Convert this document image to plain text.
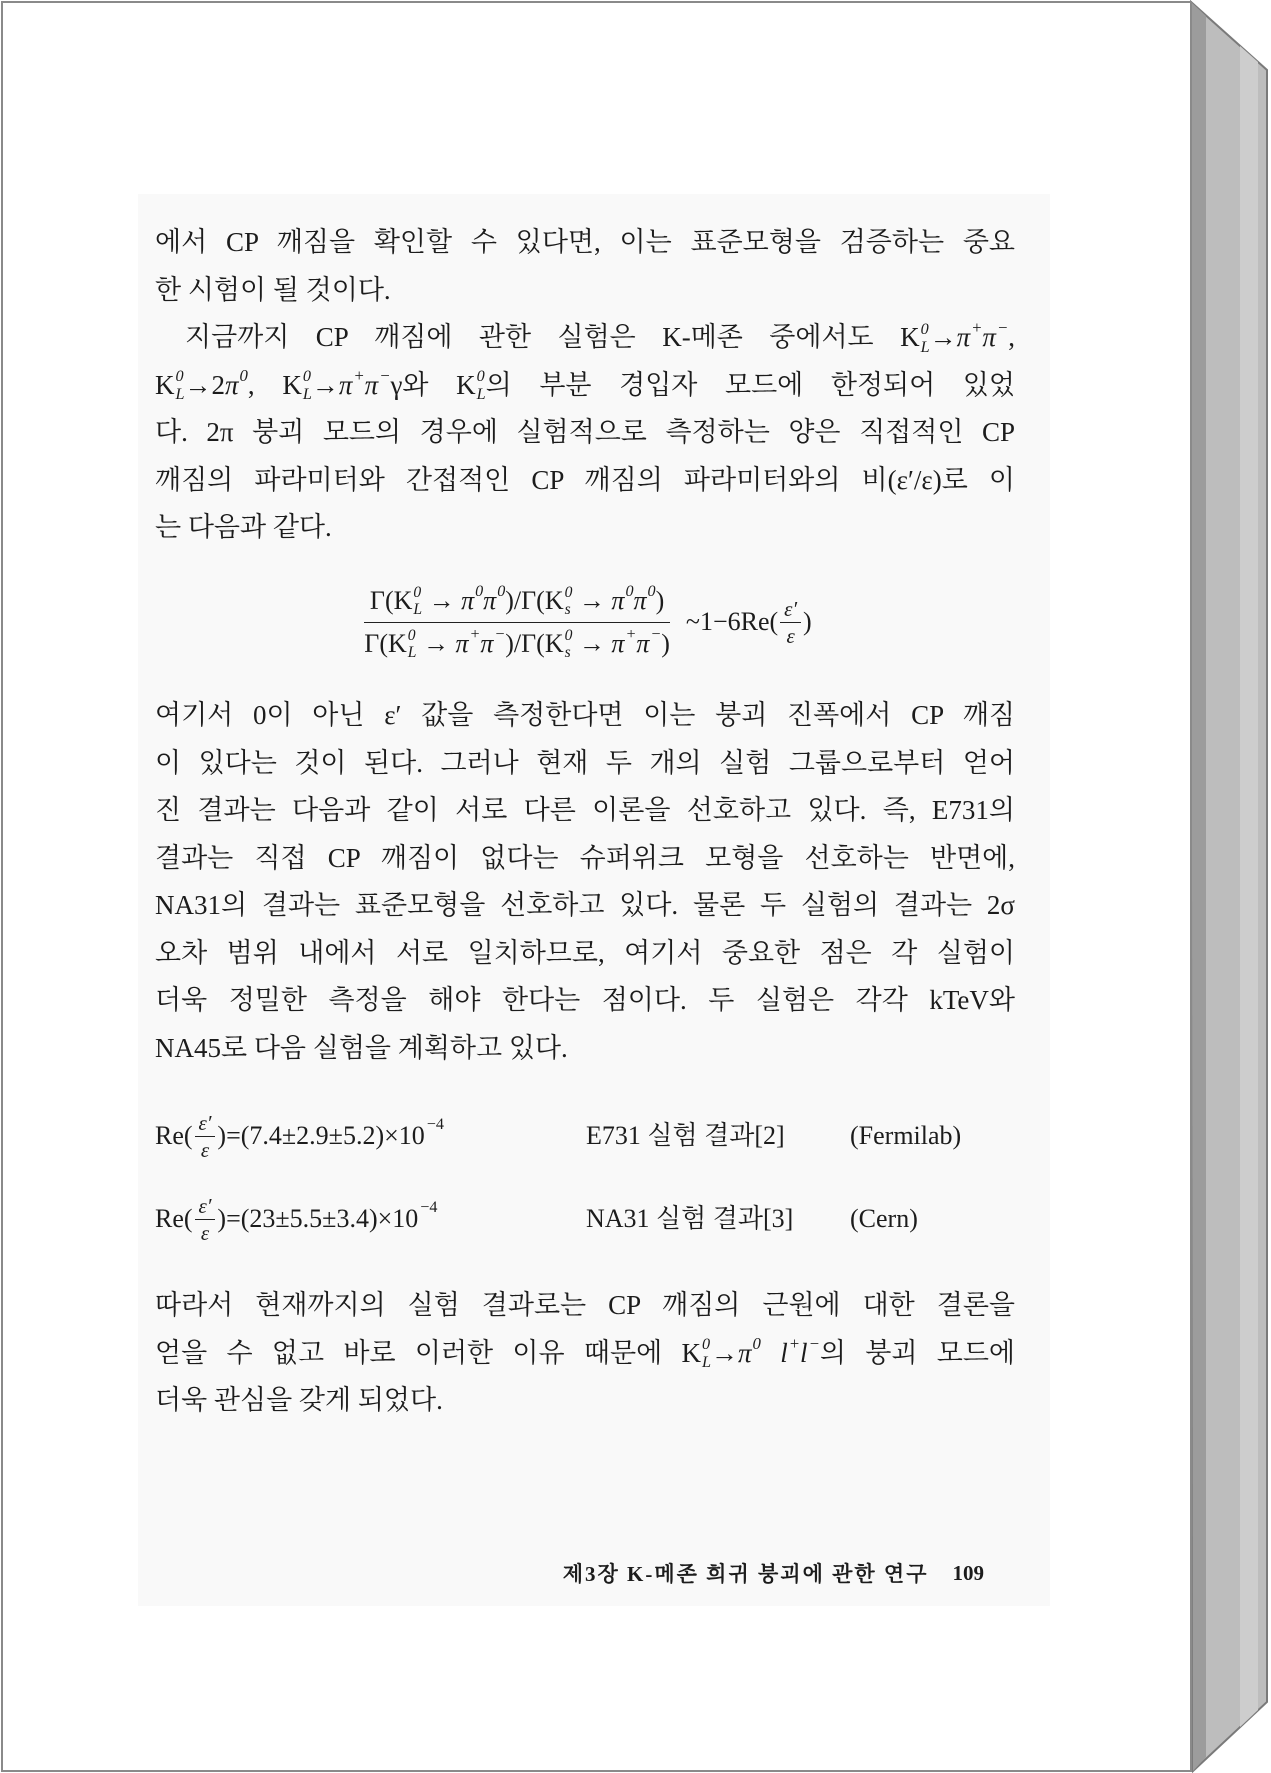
에서 CP 깨짐을 확인할 수 있다면, 이는 표준모형을 검증하는 중요
한 시험이 될 것이다.
지금까지 CP 깨짐에 관한 실험은 K-메존 중에서도 K 0
L →π+π−,
K 0
$L \to 2\pi^0$, K 0
L →π+π−γ와 K 0
L 의 부분 경입자 모드에 한정되어 있었
다. 2π 붕괴 모드의 경우에 실험적으로 측정하는 양은 직접적인 CP
깨짐의 파라미터와 간접적인 CP 깨짐의 파라미터와의 비(ε′/ε)로 이
는 다음과 같다.
Γ(K 0
$L \to \pi^0\pi^0)/\Gamma(K$ 0
$s \to \pi^0\pi^0$)
Γ(K 0
L → π+π−)/Γ(K 0
s → π+π−) ~1−6Re( $\frac{\varepsilon'}{\varepsilon}$ )
여기서 0이 아닌 ε′ 값을 측정한다면 이는 붕괴 진폭에서 CP 깨짐
이 있다는 것이 된다. 그러나 현재 두 개의 실험 그룹으로부터 얻어
진 결과는 다음과 같이 서로 다른 이론을 선호하고 있다. 즉, E731의
결과는 직접 CP 깨짐이 없다는 슈퍼위크 모형을 선호하는 반면에,
NA31의 결과는 표준모형을 선호하고 있다. 물론 두 실험의 결과는 2σ
오차 범위 내에서 서로 일치하므로, 여기서 중요한 점은 각 실험이
더욱 정밀한 측정을 해야 한다는 점이다. 두 실험은 각각 kTeV와
NA45로 다음 실험을 계획하고 있다.
$Re( \frac{\varepsilon'}{\varepsilon} )=(7.4\pm 2.9\pm 5.2)\times 10 -4$	E731 실험 결과[2]	(Fermilab)
$Re( \frac{\varepsilon'}{\varepsilon} )=(23\pm 5.5\pm 3.4)\times 10 -4$	NA31 실험 결과[3] (Cern)
따라서 현재까지의 실험 결과로는 CP 깨짐의 근원에 대한 결론을
얻을 수 없고 바로 이러한 이유 때문에 K 0
$L \to\pi^0$ l+l−의 붕괴 모드에
더욱 관심을 갖게 되었다.
제3장 K-메존 희귀 붕괴에 관한 연구 109
